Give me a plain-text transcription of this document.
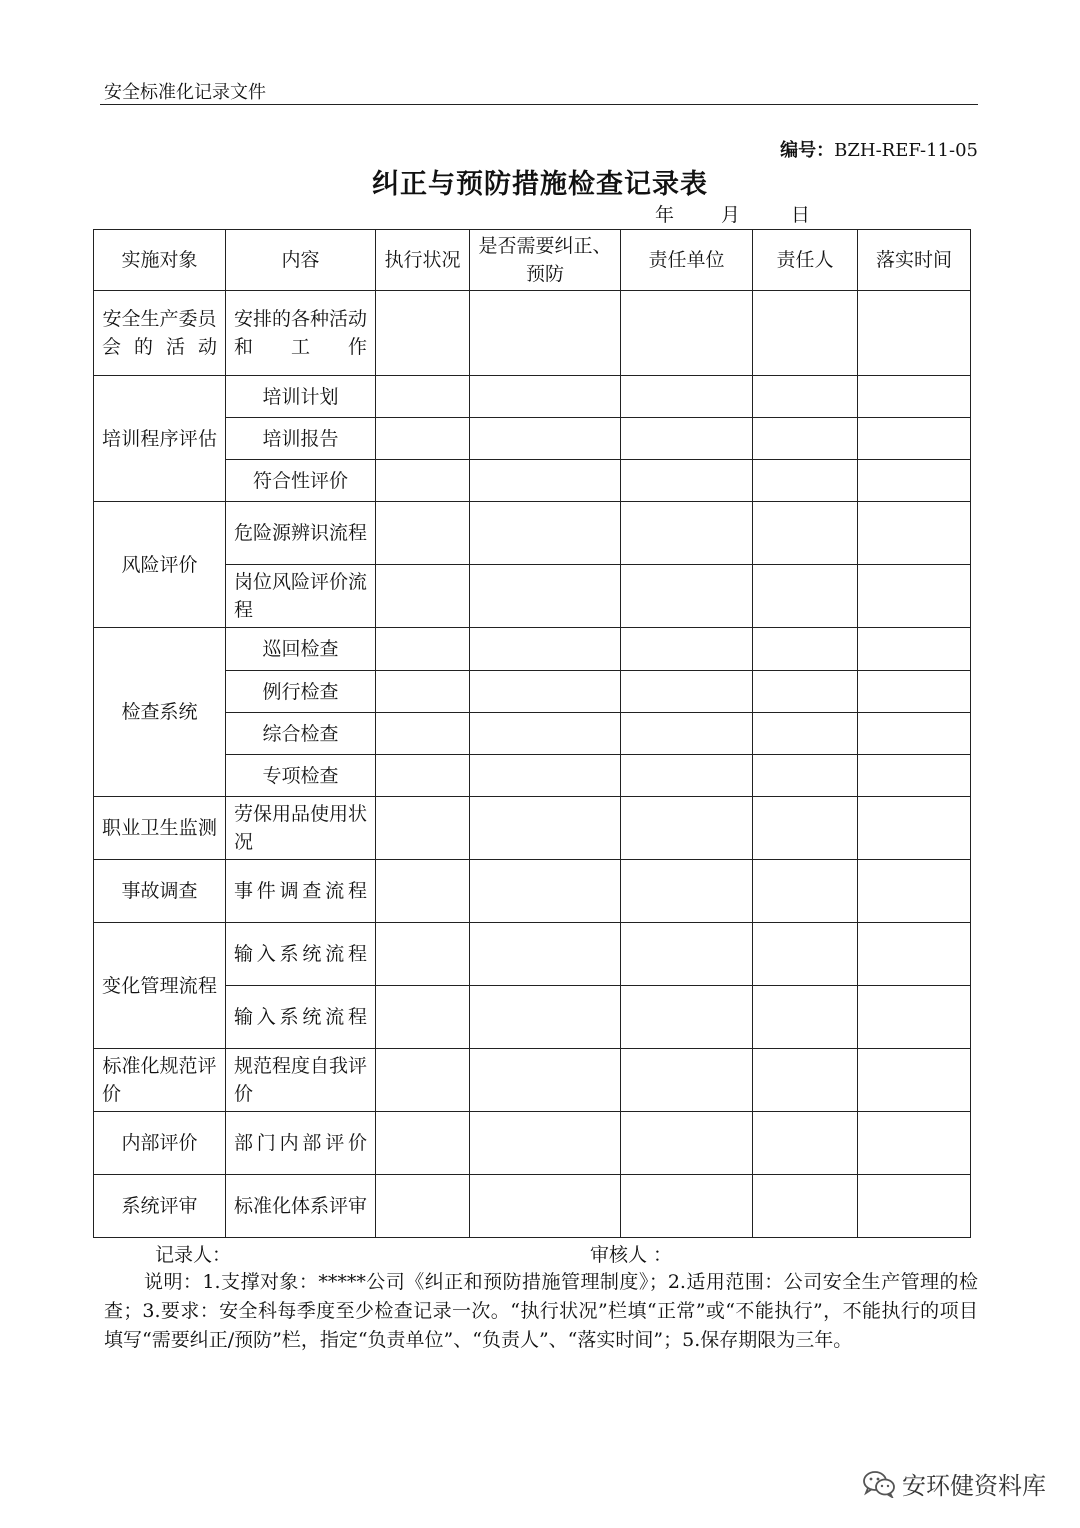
安全标准化记录文件
编号：BZH-REF-11-05
纠正与预防措施检查记录表
年 月	日
实施对象	内容	执行状况	是否需要纠正、预防	责任单位	责任人	落实时间
安全生产委员会的活动	安排的各种活动和工作					
培训程序评估	培训计划					
	培训报告					
	符合性评价					
风险评价	危险源辨识流程					
	岗位风险评价流程					
检查系统	巡回检查					
	例行检查					
	综合检查					
	专项检查					
职业卫生监测	劳保用品使用状况					
事故调查	事件调查流程					
变化管理流程	输入系统流程					
	输入系统流程					
标准化规范评价	规范程度自我评价					
内部评价	部门内部评价					
系统评审	标准化体系评审					
记录人：	审核人 ：
说明：1.支撑对象：*****公司《纠正和预防措施管理制度》；2.适用范围：公司安全生产管理的检查；3.要求：安全科每季度至少检查记录一次。“执行状况”栏填“正常”或“不能执行”，不能执行的项目填写“需要纠正/预防”栏，指定“负责单位”、“负责人”、“落实时间”；5.保存期限为三年。
安环健资料库
